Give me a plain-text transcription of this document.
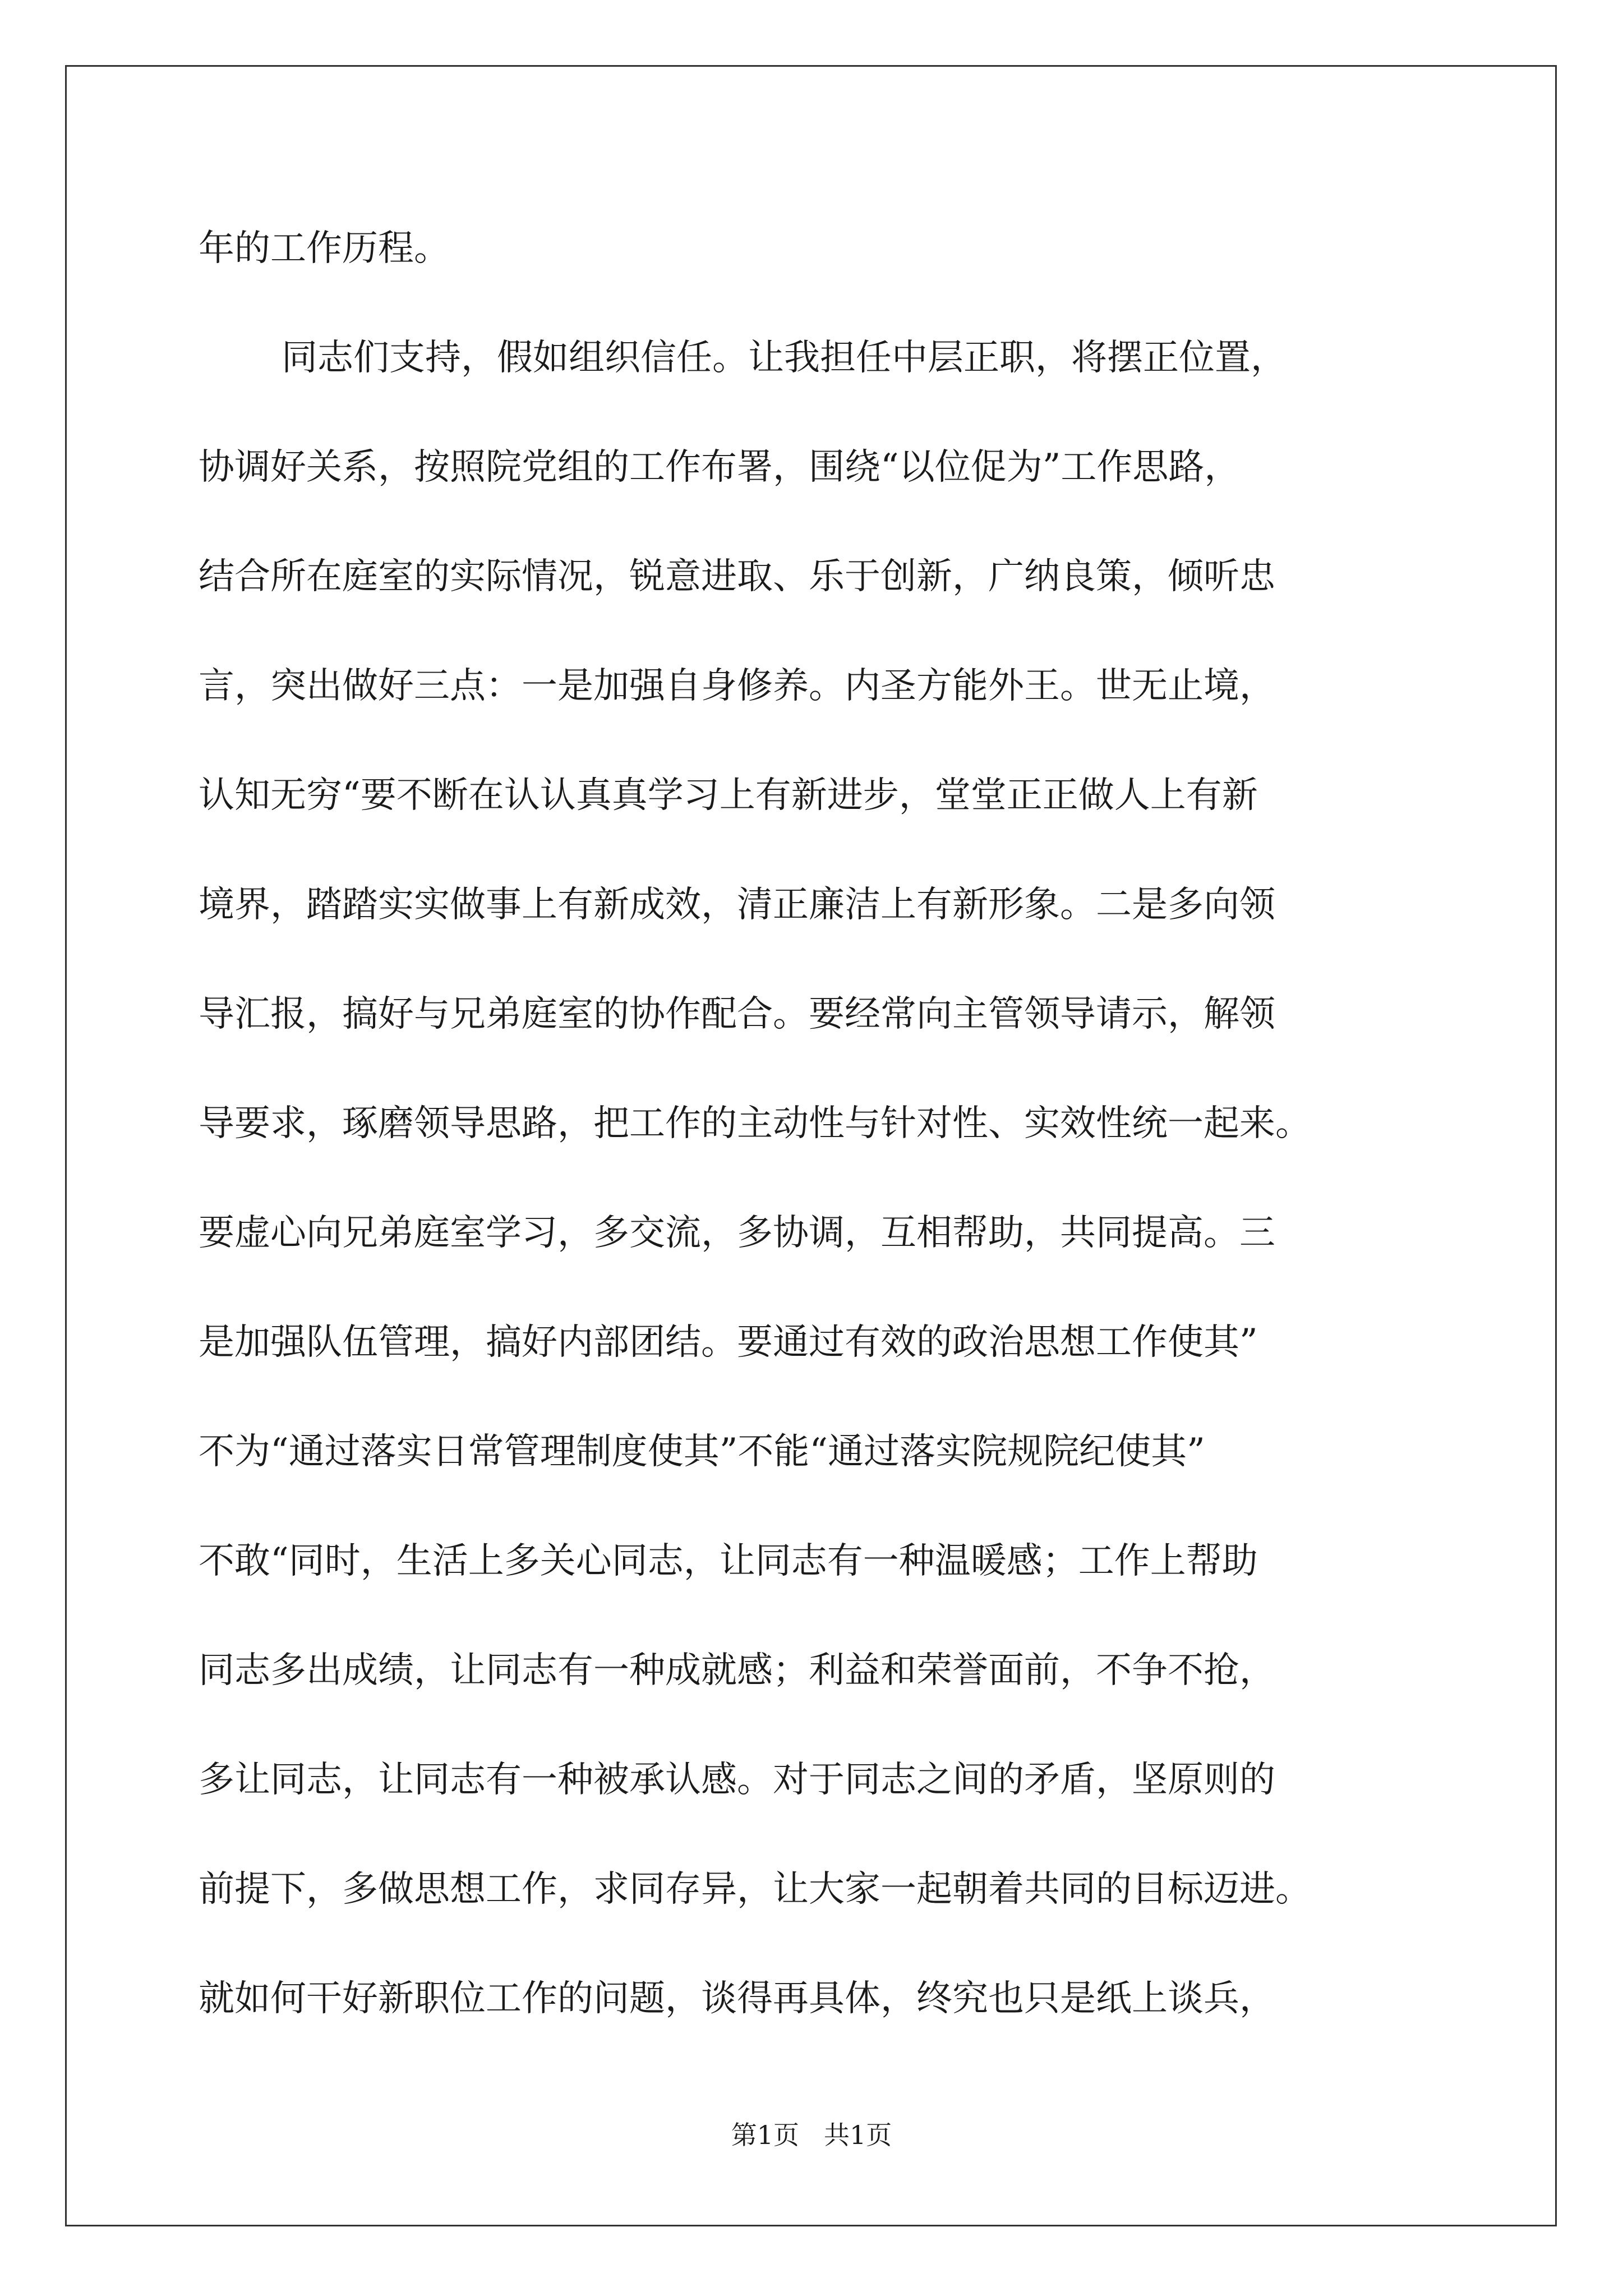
年的工作历程。
同志们支持，假如组织信任。让我担任中层正职，将摆正位置，
协调好关系，按照院党组的工作布署，围绕“以位促为”工作思路，
结合所在庭室的实际情况，锐意进取、乐于创新，广纳良策，倾听忠
言，突出做好三点：一是加强自身修养。内圣方能外王。世无止境，
认知无穷“要不断在认认真真学习上有新进步，堂堂正正做人上有新
境界，踏踏实实做事上有新成效，清正廉洁上有新形象。二是多向领
导汇报，搞好与兄弟庭室的协作配合。要经常向主管领导请示，解领
导要求，琢磨领导思路，把工作的主动性与针对性、实效性统一起来。
要虚心向兄弟庭室学习，多交流，多协调，互相帮助，共同提高。三
是加强队伍管理，搞好内部团结。要通过有效的政治思想工作使其”
不为“通过落实日常管理制度使其”不能“通过落实院规院纪使其”
不敢“同时，生活上多关心同志，让同志有一种温暖感；工作上帮助
同志多出成绩，让同志有一种成就感；利益和荣誉面前，不争不抢，
多让同志，让同志有一种被承认感。对于同志之间的矛盾，坚原则的
前提下，多做思想工作，求同存异，让大家一起朝着共同的目标迈进。
就如何干好新职位工作的问题，谈得再具体，终究也只是纸上谈兵，
第1页 共1页
